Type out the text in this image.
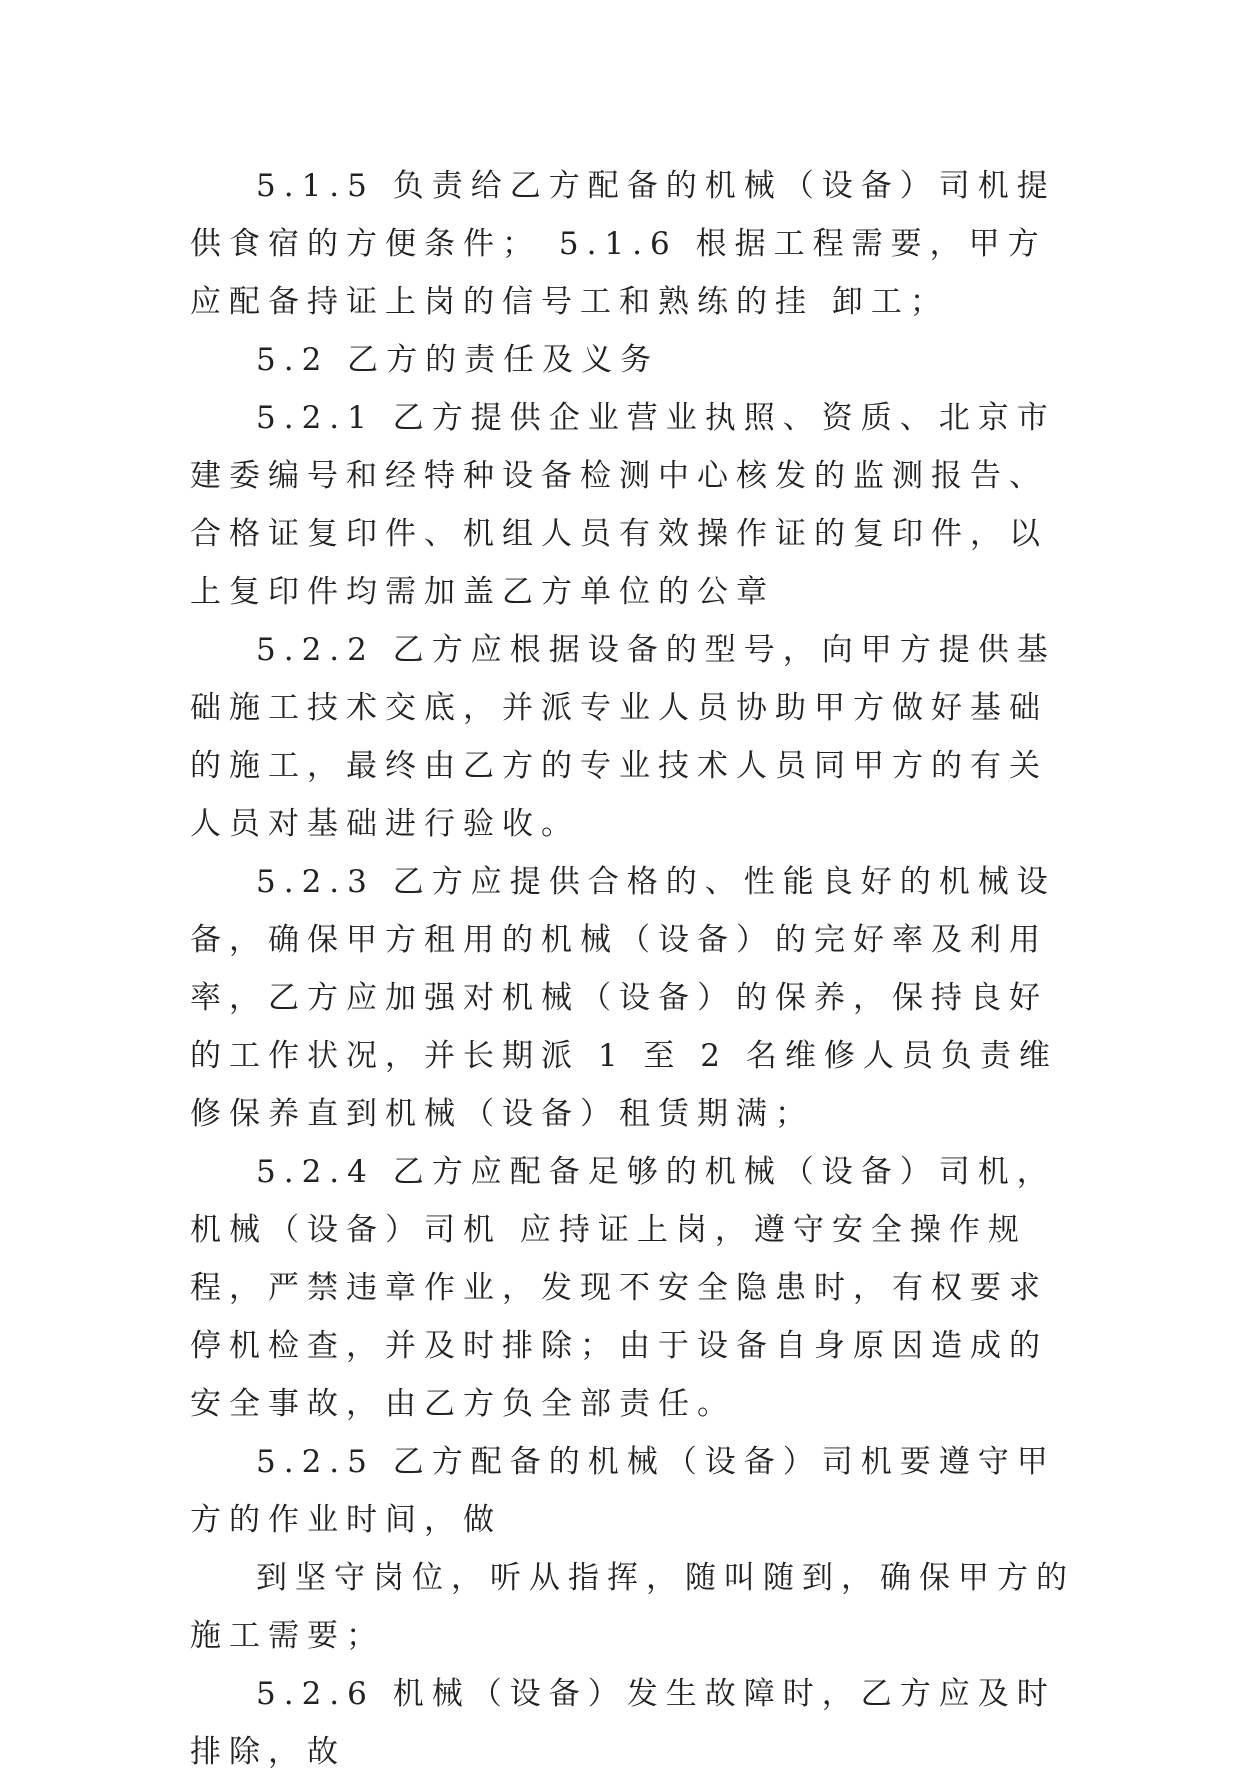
5.1.5 负责给乙方配备的机械（设备）司机提供食宿的方便条件； 5.1.6 根据工程需要，甲方应配备持证上岗的信号工和熟练的挂 卸工；

5.2 乙方的责任及义务

5.2.1 乙方提供企业营业执照、资质、北京市建委编号和经特种设备检测中心核发的监测报告、合格证复印件、机组人员有效操作证的复印件，以上复印件均需加盖乙方单位的公章

5.2.2 乙方应根据设备的型号，向甲方提供基础施工技术交底，并派专业人员协助甲方做好基础的施工，最终由乙方的专业技术人员同甲方的有关人员对基础进行验收。

5.2.3 乙方应提供合格的、性能良好的机械设备，确保甲方租用的机械（设备）的完好率及利用率，乙方应加强对机械（设备）的保养，保持良好的工作状况，并长期派 1 至 2 名维修人员负责维修保养直到机械（设备）租赁期满；

5.2.4 乙方应配备足够的机械（设备）司机，机械（设备）司机 应持证上岗，遵守安全操作规程，严禁违章作业，发现不安全隐患时，有权要求停机检查，并及时排除；由于设备自身原因造成的安全事故，由乙方负全部责任。

5.2.5 乙方配备的机械（设备）司机要遵守甲方的作业时间，做

到坚守岗位，听从指挥，随叫随到，确保甲方的施工需要；

5.2.6 机械（设备）发生故障时，乙方应及时排除，故
